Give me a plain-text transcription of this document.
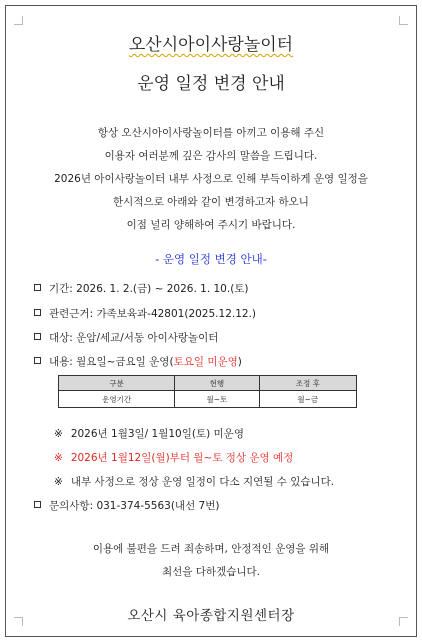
오산시아이사랑놀이터
운영 일정 변경 안내
항상 오산시아이사랑놀이터를 아끼고 이용해 주신
이용자 여러분께 깊은 감사의 말씀을 드립니다.
2026년 아이사랑놀이터 내부 사정으로 인해 부득이하게 운영 일정을
한시적으로 아래와 같이 변경하고자 하오니
이점 널리 양해하여 주시기 바랍니다.
- 운영 일정 변경 안내-
기간: 2026. 1. 2.(금) ~ 2026. 1. 10.(토)
관련근거: 가족보육과-42801(2025.12.12.)
대상: 운암/세교/서동 아이사랑놀이터
내용: 월요일~금요일 운영(토요일 미운영)
구분	현행	조정 후
운영기간	월~토	월~금
※ 2026년 1월3일/ 1월10일(토) 미운영
※ 2026년 1월12일(월)부터 월~토 정상 운영 예정
※ 내부 사정으로 정상 운영 일정이 다소 지연될 수 있습니다.
문의사항: 031-374-5563(내선 7번)
이용에 불편을 드려 죄송하며, 안정적인 운영을 위해
최선을 다하겠습니다.
오산시 육아종합지원센터장
